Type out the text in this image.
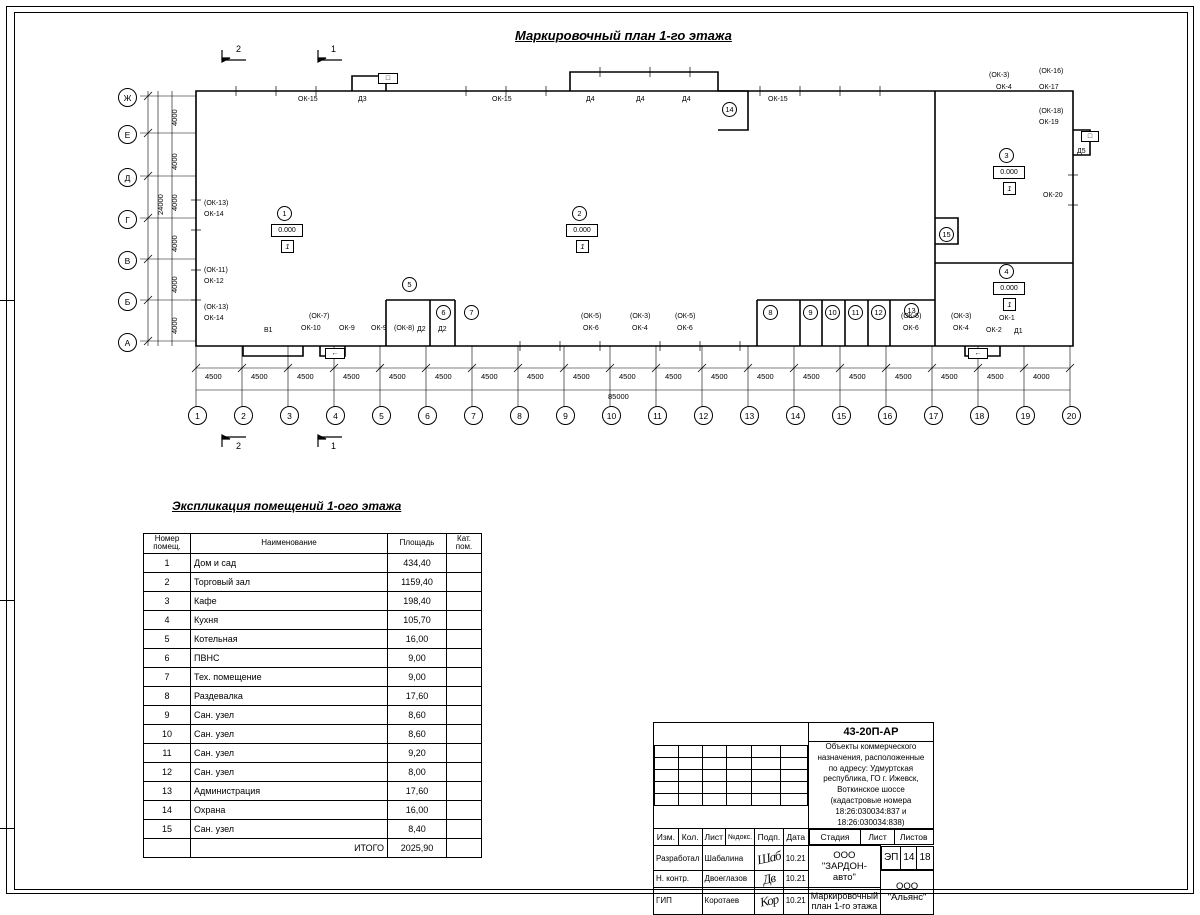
Маркировочный план 1-го этажа
Экспликация помещений 1-ого этажа
Ж
Е
Д
Г
В
Б
А
4000
4000
4000
4000
4000
4000
24000
2	1
2	1
1
0.000
1
2
0.000
1
3
0.000
1
4
0.000
1
5
6	7	8	9	10	11	12	13
14
15
ОК-15	ОК-15	ОК-15
ОК-4
(ОК-3)
(ОК-16)
ОК-17
(ОК-18)
ОК-19
ОК-20
(ОК-13)
ОК-14
(ОК-11)
ОК-12
(ОК-13)
ОК-14	(ОК-7)
ОК-10	ОК-9 ОК-9 (ОК-8)
(ОК-5)
ОК-6
(ОК-3)
ОК-4
(ОК-5)
ОК-6
(ОК-5)
ОК-6
(ОК-3)
ОК-4
ОК-1
ОК-2
Д3	Д4	Д4	Д4
Д5
Д2 Д2	Д1
В1
□
□
←	←
4500	4500	4500	4500	4500	4500	4500	4500	4500	4500	4500	4500	4500	4500	4500	4500	4500	4500	4000
85000
1	2	3	4	5	6	7	8	9	10	11	12	13	14	15	16	17	18	19	20
Номер помещ.	Наименование	Площадь	Кат. пом.
1	Дом и сад	434,40	
2	Торговый зал	1159,40	
3	Кафе	198,40	
4	Кухня	105,70	
5	Котельная	16,00	
6	ПВНС	9,00	
7	Тех. помещение	9,00	
8	Раздевалка	17,60	
9	Сан. узел	8,60	
10	Сан. узел	8,60	
11	Сан. узел	9,20	
12	Сан. узел	8,00	
13	Администрация	17,60	
14	Охрана	16,00	
15	Сан. узел	8,40	
	ИТОГО	2025,90	

	43-20П-АР

Объекты коммерческого назначения, расположенные
по адресу: Удмуртская республика, ГО г. Ижевск, Воткинское шоссе
(кадастровые номера 18:26:030034:837 и 18:26:030034:838)

Изм.	Кол.	Лист	№докс.	Подп.	Дата	Стадия	Лист	Листов

Разработал	Шабалина	Шаб	10.21	ООО "ЗАРДОН-авто"	
ЭП	14	18

Н. контр.	Двоеглазов	Дв	10.21	ООО "Альянс"
ГИП	Коротаев	Кор	10.21	Маркировочный план 1-го этажа
